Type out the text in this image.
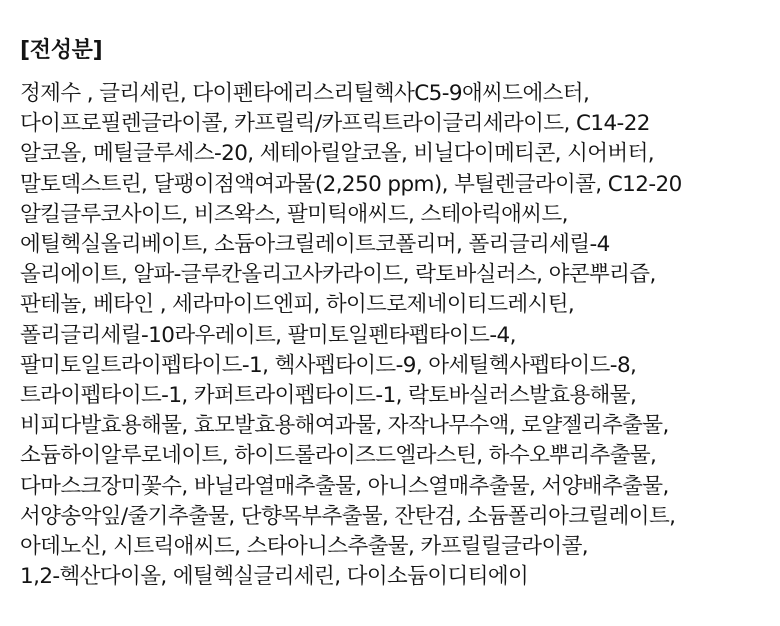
[전성분]
정제수 , 글리세린, 다이펜타에리스리틸헥사C5-9애씨드에스터,
다이프로필렌글라이콜, 카프릴릭/카프릭트라이글리세라이드, C14-22
알코올, 메틸글루세스-20, 세테아릴알코올, 비닐다이메티콘, 시어버터,
말토덱스트린, 달팽이점액여과물(2,250 ppm), 부틸렌글라이콜, C12-20
알킬글루코사이드, 비즈왁스, 팔미틱애씨드, 스테아릭애씨드,
에틸헥실올리베이트, 소듐아크릴레이트코폴리머, 폴리글리세릴-4
올리에이트, 알파-글루칸올리고사카라이드, 락토바실러스, 야콘뿌리즙,
판테놀, 베타인 , 세라마이드엔피, 하이드로제네이티드레시틴,
폴리글리세릴-10라우레이트, 팔미토일펜타펩타이드-4,
팔미토일트라이펩타이드-1, 헥사펩타이드-9, 아세틸헥사펩타이드-8,
트라이펩타이드-1, 카퍼트라이펩타이드-1, 락토바실러스발효용해물,
비피다발효용해물, 효모발효용해여과물, 자작나무수액, 로얄젤리추출물,
소듐하이알루로네이트, 하이드롤라이즈드엘라스틴, 하수오뿌리추출물,
다마스크장미꽃수, 바닐라열매추출물, 아니스열매추출물, 서양배추출물,
서양송악잎/줄기추출물, 단향목부추출물, 잔탄검, 소듐폴리아크릴레이트,
아데노신, 시트릭애씨드, 스타아니스추출물, 카프릴릴글라이콜,
1,2-헥산다이올, 에틸헥실글리세린, 다이소듐이디티에이
